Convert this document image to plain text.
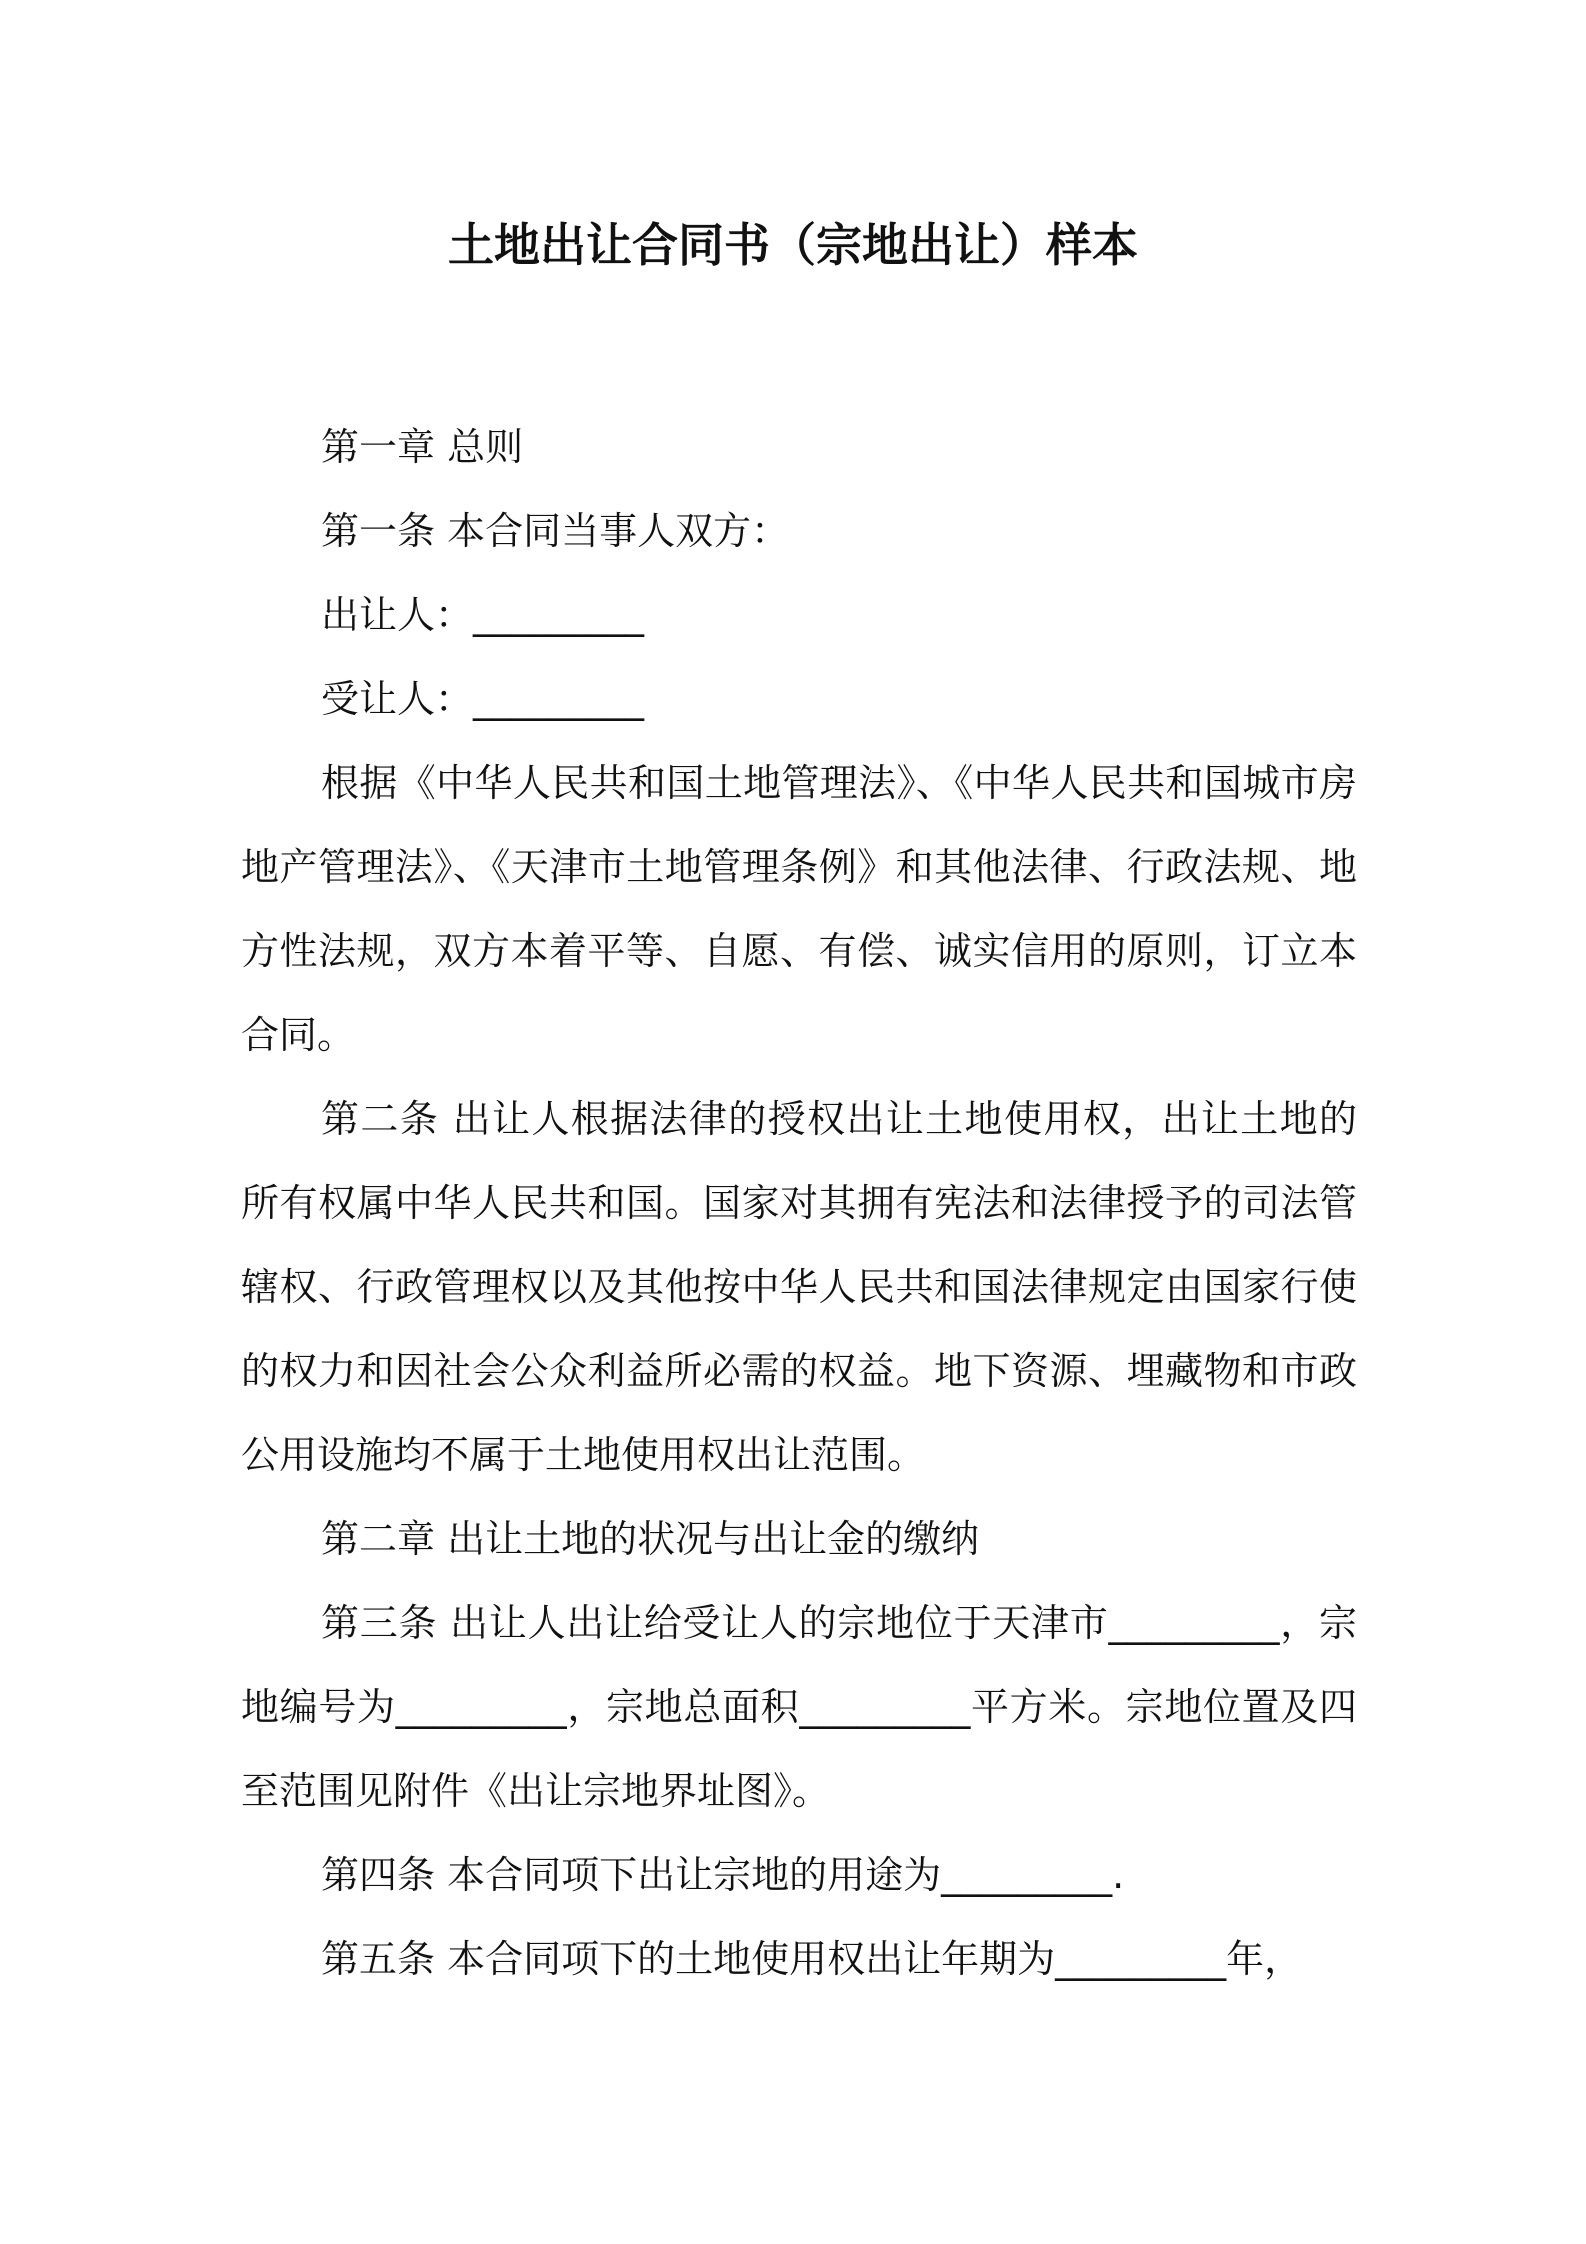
土地出让合同书（宗地出让）样本

第一章 总则

第一条 本合同当事人双方：

出让人：_________

受让人：_________

根据《中华人民共和国土地管理法》、《中华人民共和国城市房地产管理法》、《天津市土地管理条例》和其他法律、行政法规、地方性法规，双方本着平等、自愿、有偿、诚实信用的原则，订立本合同。

第二条 出让人根据法律的授权出让土地使用权，出让土地的所有权属中华人民共和国。国家对其拥有宪法和法律授予的司法管辖权、行政管理权以及其他按中华人民共和国法律规定由国家行使的权力和因社会公众利益所必需的权益。地下资源、埋藏物和市政公用设施均不属于土地使用权出让范围。

第二章 出让土地的状况与出让金的缴纳

第三条 出让人出让给受让人的宗地位于天津市_________，宗地编号为_________，宗地总面积_________平方米。宗地位置及四至范围见附件《出让宗地界址图》。

第四条 本合同项下出让宗地的用途为_________.

第五条 本合同项下的土地使用权出让年期为_________年，
